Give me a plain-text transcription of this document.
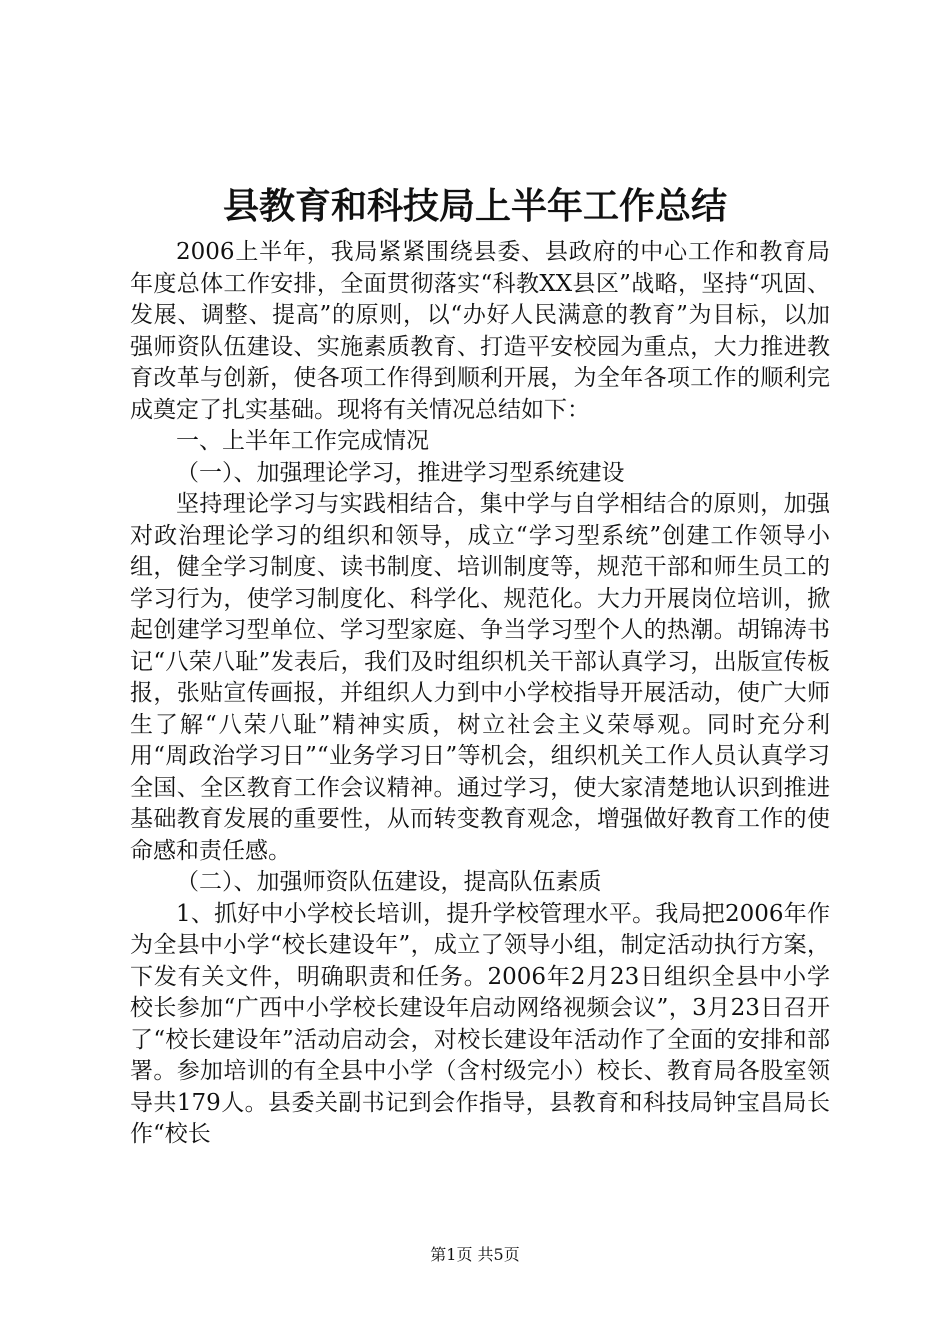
县教育和科技局上半年工作总结

2006上半年，我局紧紧围绕县委、县政府的中心工作和教育局年度总体工作安排，全面贯彻落实“科教XX县区”战略，坚持“巩固、发展、调整、提高”的原则，以“办好人民满意的教育”为目标，以加强师资队伍建设、实施素质教育、打造平安校园为重点，大力推进教育改革与创新，使各项工作得到顺利开展，为全年各项工作的顺利完成奠定了扎实基础。现将有关情况总结如下：

一、上半年工作完成情况

（一）、加强理论学习，推进学习型系统建设

坚持理论学习与实践相结合，集中学与自学相结合的原则，加强对政治理论学习的组织和领导，成立“学习型系统”创建工作领导小组，健全学习制度、读书制度、培训制度等，规范干部和师生员工的学习行为，使学习制度化、科学化、规范化。大力开展岗位培训，掀起创建学习型单位、学习型家庭、争当学习型个人的热潮。胡锦涛书记“八荣八耻”发表后，我们及时组织机关干部认真学习，出版宣传板报，张贴宣传画报，并组织人力到中小学校指导开展活动，使广大师生了解“八荣八耻”精神实质，树立社会主义荣辱观。同时充分利用“周政治学习日”“业务学习日”等机会，组织机关工作人员认真学习全国、全区教育工作会议精神。通过学习，使大家清楚地认识到推进基础教育发展的重要性，从而转变教育观念，增强做好教育工作的使命感和责任感。

（二）、加强师资队伍建设，提高队伍素质

1、抓好中小学校长培训，提升学校管理水平。我局把2006年作为全县中小学“校长建设年”，成立了领导小组，制定活动执行方案，下发有关文件，明确职责和任务。2006年2月23日组织全县中小学校长参加“广西中小学校长建设年启动网络视频会议”，3月23日召开了“校长建设年”活动启动会，对校长建设年活动作了全面的安排和部署。参加培训的有全县中小学（含村级完小）校长、教育局各股室领导共179人。县委关副书记到会作指导，县教育和科技局钟宝昌局长作“校长

第1页 共5页
